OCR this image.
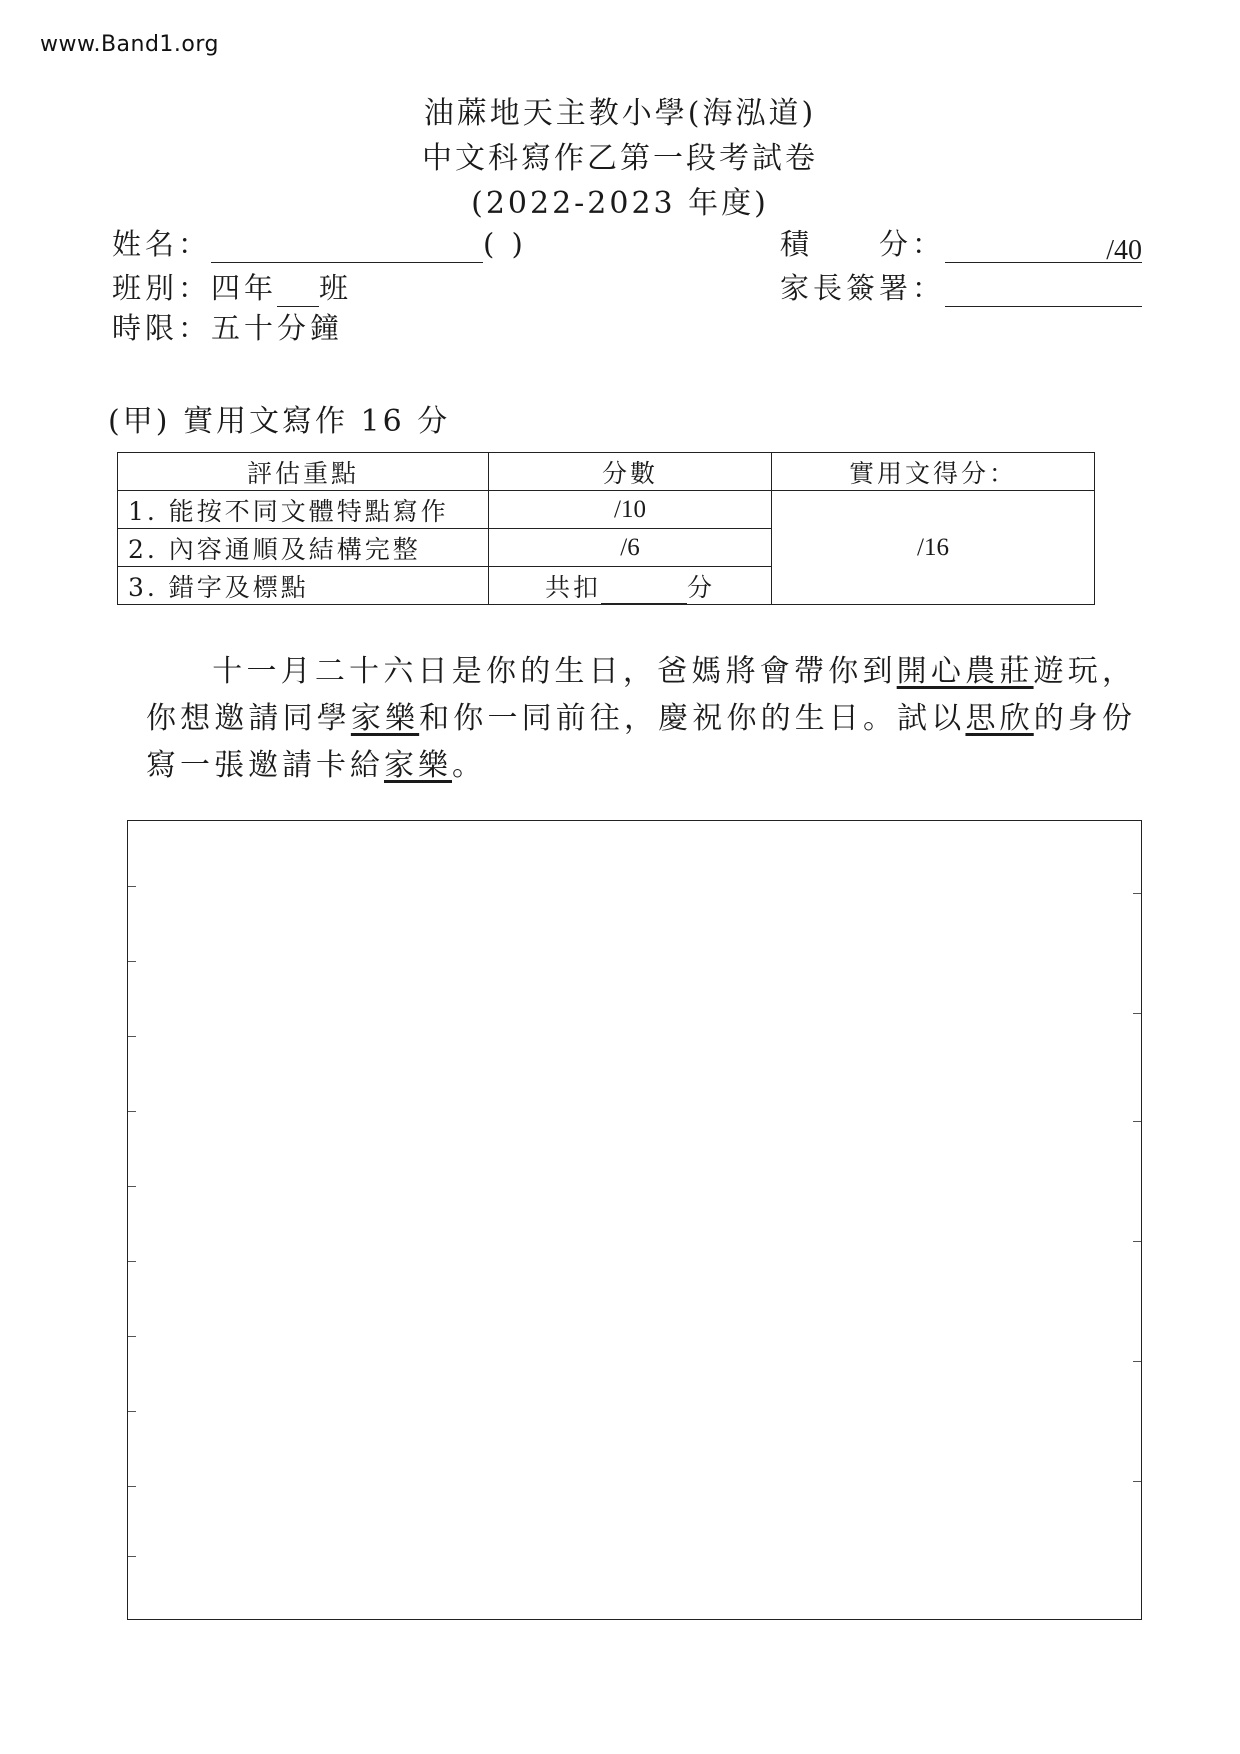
www.Band1.org
油蔴地天主教小學(海泓道)
中文科寫作乙第一段考試卷
(2022-2023 年度)
姓名：	( )
班別：四年 班
時限：五十分鐘
積　　分：	/40
家長簽署：
(甲) 實用文寫作 16 分
評估重點	分數	實用文得分：
1. 能按不同文體特點寫作	/10	/16
2. 內容通順及結構完整	/6	
3. 錯字及標點	共扣 分	
十一月二十六日是你的生日，爸媽將會帶你到開心農莊遊玩，你想邀請同學家樂和你一同前往，慶祝你的生日。試以思欣的身份寫一張邀請卡給家樂。
